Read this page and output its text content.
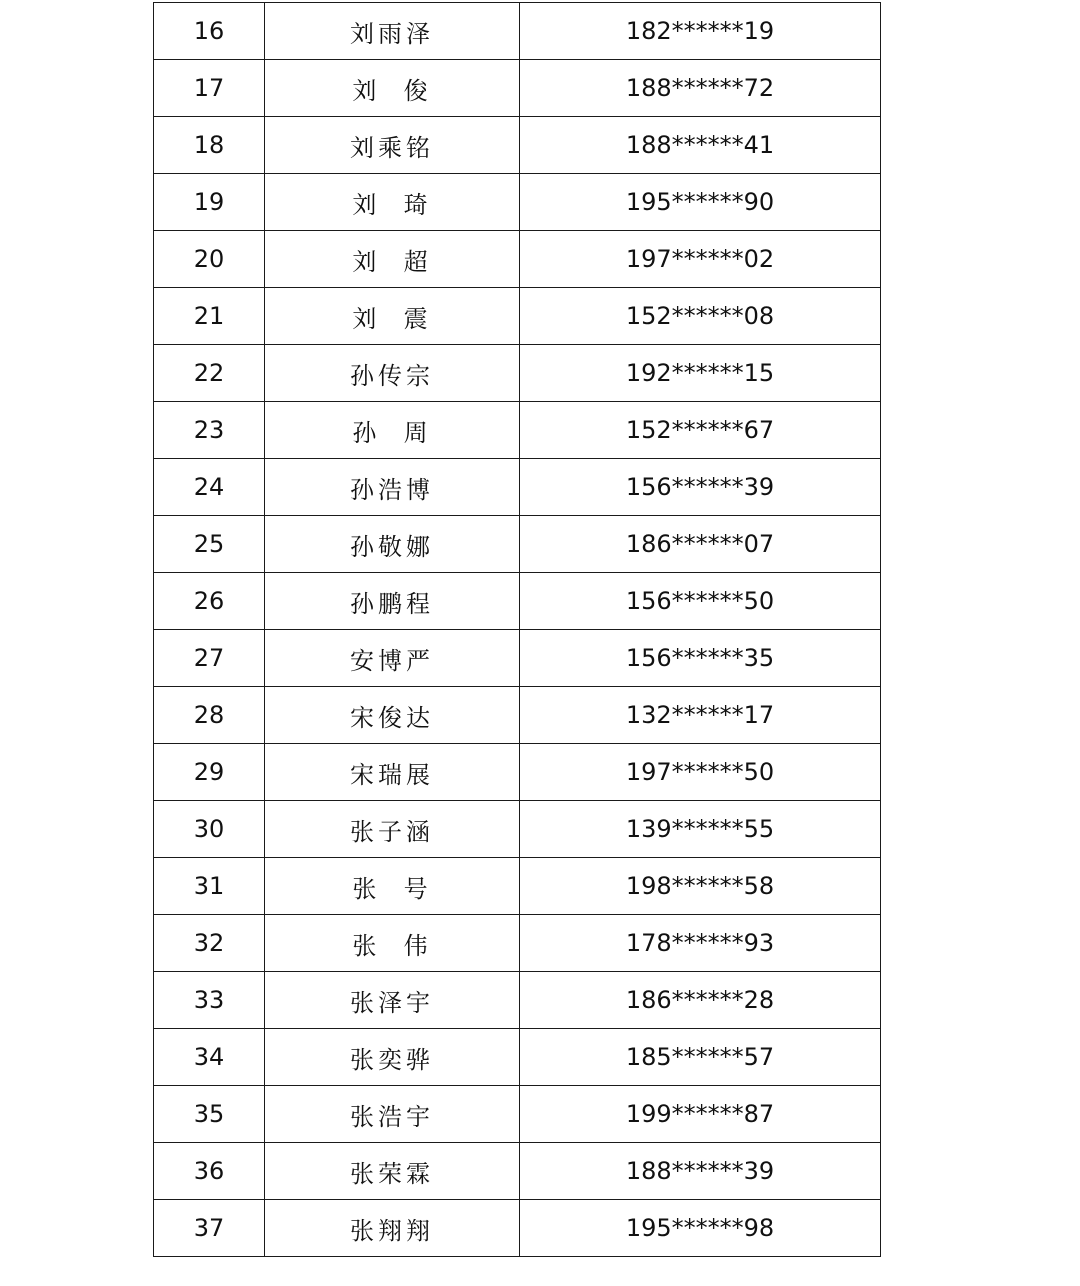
16	刘雨泽	182******19
17	刘  俊	188******72
18	刘乘铭	188******41
19	刘  琦	195******90
20	刘  超	197******02
21	刘  震	152******08
22	孙传宗	192******15
23	孙  周	152******67
24	孙浩博	156******39
25	孙敬娜	186******07
26	孙鹏程	156******50
27	安博严	156******35
28	宋俊达	132******17
29	宋瑞展	197******50
30	张子涵	139******55
31	张  号	198******58
32	张  伟	178******93
33	张泽宇	186******28
34	张奕骅	185******57
35	张浩宇	199******87
36	张荣霖	188******39
37	张翔翔	195******98
